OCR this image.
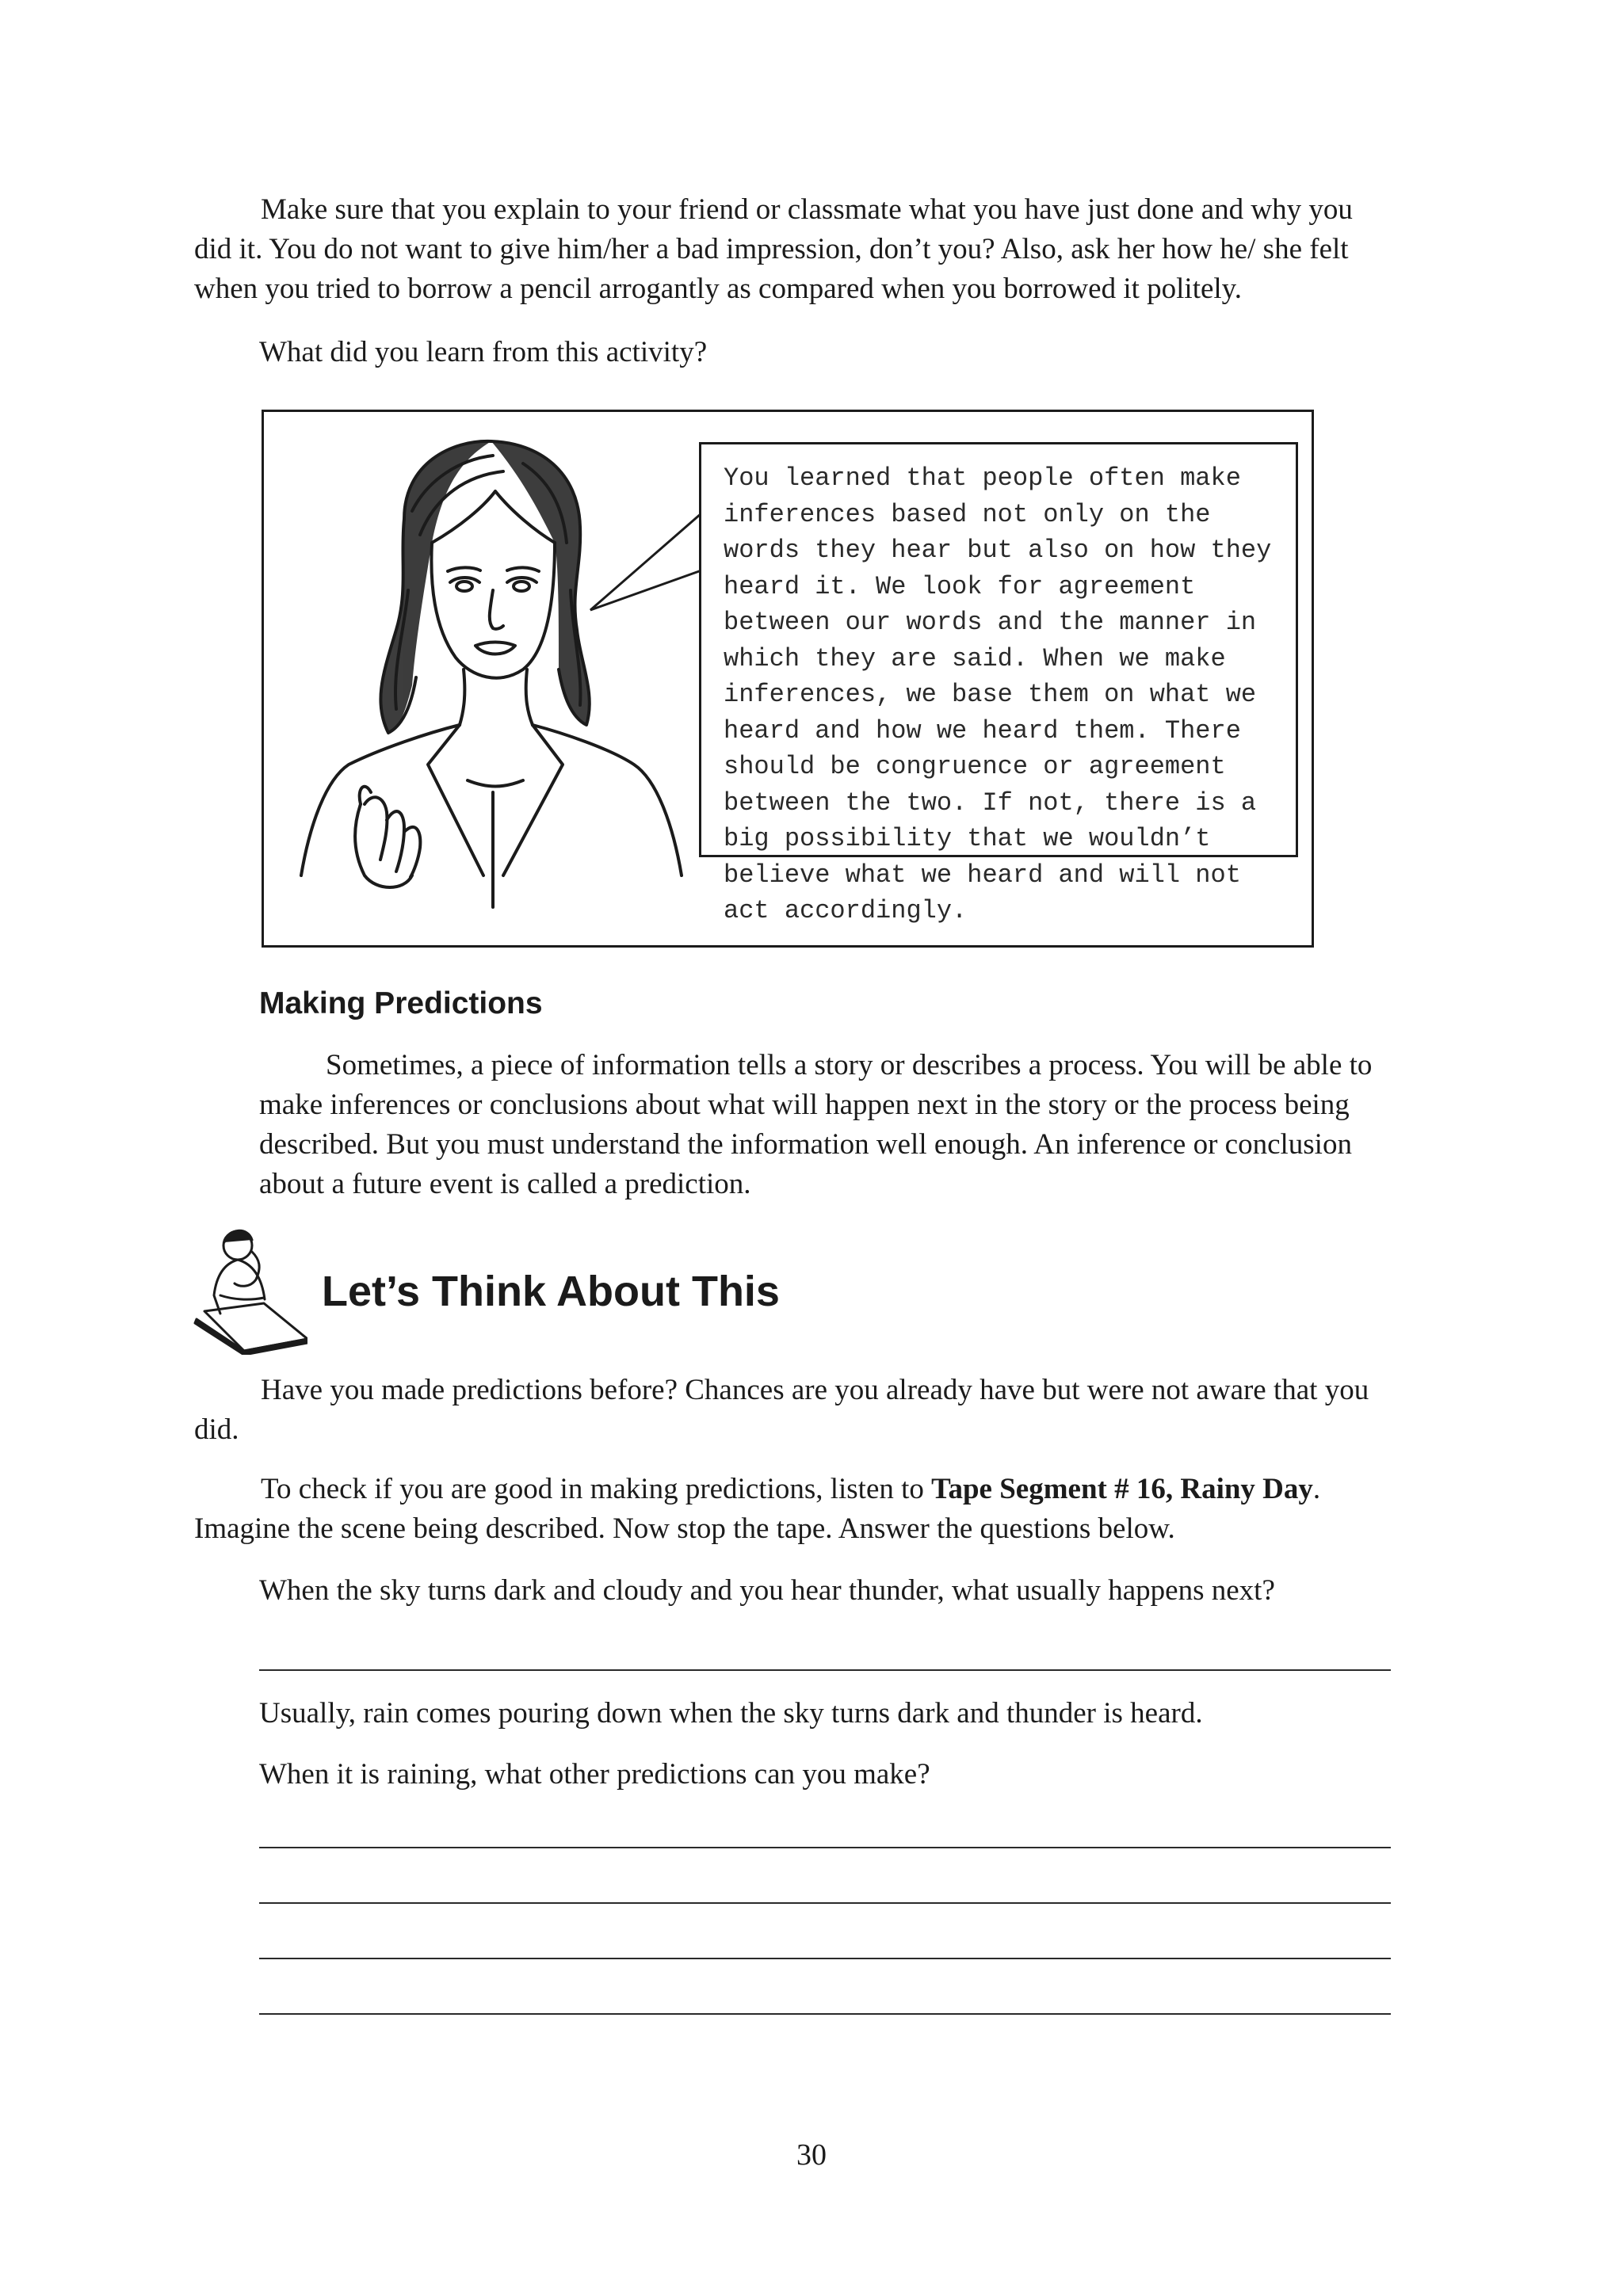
Make sure that you explain to your friend or classmate what you have just done and why you did it. You do not want to give him/her a bad impression, don’t you? Also, ask her how he/ she felt when you tried to borrow a pencil arrogantly as compared when you borrowed it politely.

What did you learn from this activity?

You learned that people often make inferences based not only on the words they hear but also on how they heard it. We look for agreement between our words and the manner in which they are said. When we make inferences, we base them on what we heard and how we heard them. There should be congruence or agreement between the two. If not, there is a big possibility that we wouldn’t believe what we heard and will not act accordingly.
Making Predictions

Sometimes, a piece of information tells a story or describes a process. You will be able to make inferences or conclusions about what will happen next in the story or the process being described. But you must understand the information well enough. An inference or conclusion about a future event is called a prediction.

Let’s Think About This

Have you made predictions before? Chances are you already have but were not aware that you did.

To check if you are good in making predictions, listen to Tape Segment # 16, Rainy Day. Imagine the scene being described. Now stop the tape. Answer the questions below.

When the sky turns dark and cloudy and you hear thunder, what usually happens next?

Usually, rain comes pouring down when the sky turns dark and thunder is heard.

When it is raining, what other predictions can you make?

30
